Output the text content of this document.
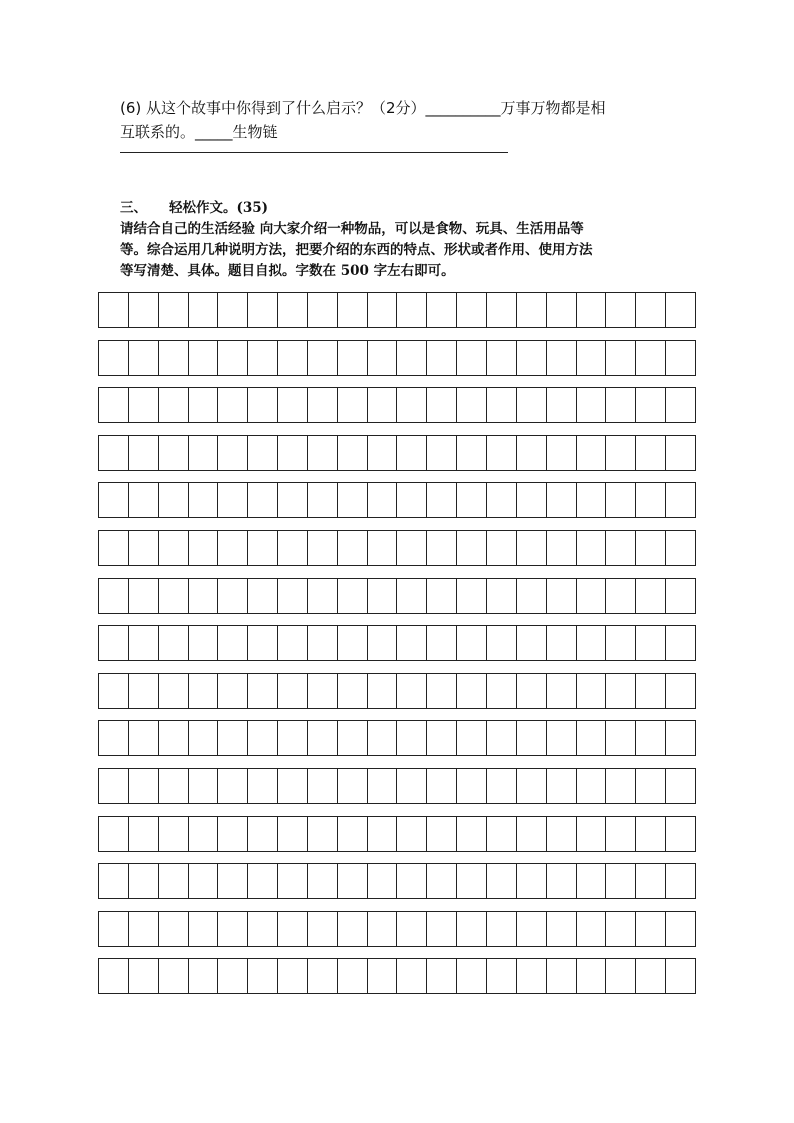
(6) 从这个故事中你得到了什么启示？（2分）__________万事万物都是相

互联系的。_____生物链

三、 轻松作文。(35)

请结合自己的生活经验 向大家介绍一种物品，可以是食物、玩具、生活用品等

等。综合运用几种说明方法，把要介绍的东西的特点、形状或者作用、使用方法

等写清楚、具体。题目自拟。字数在 500 字左右即可。
